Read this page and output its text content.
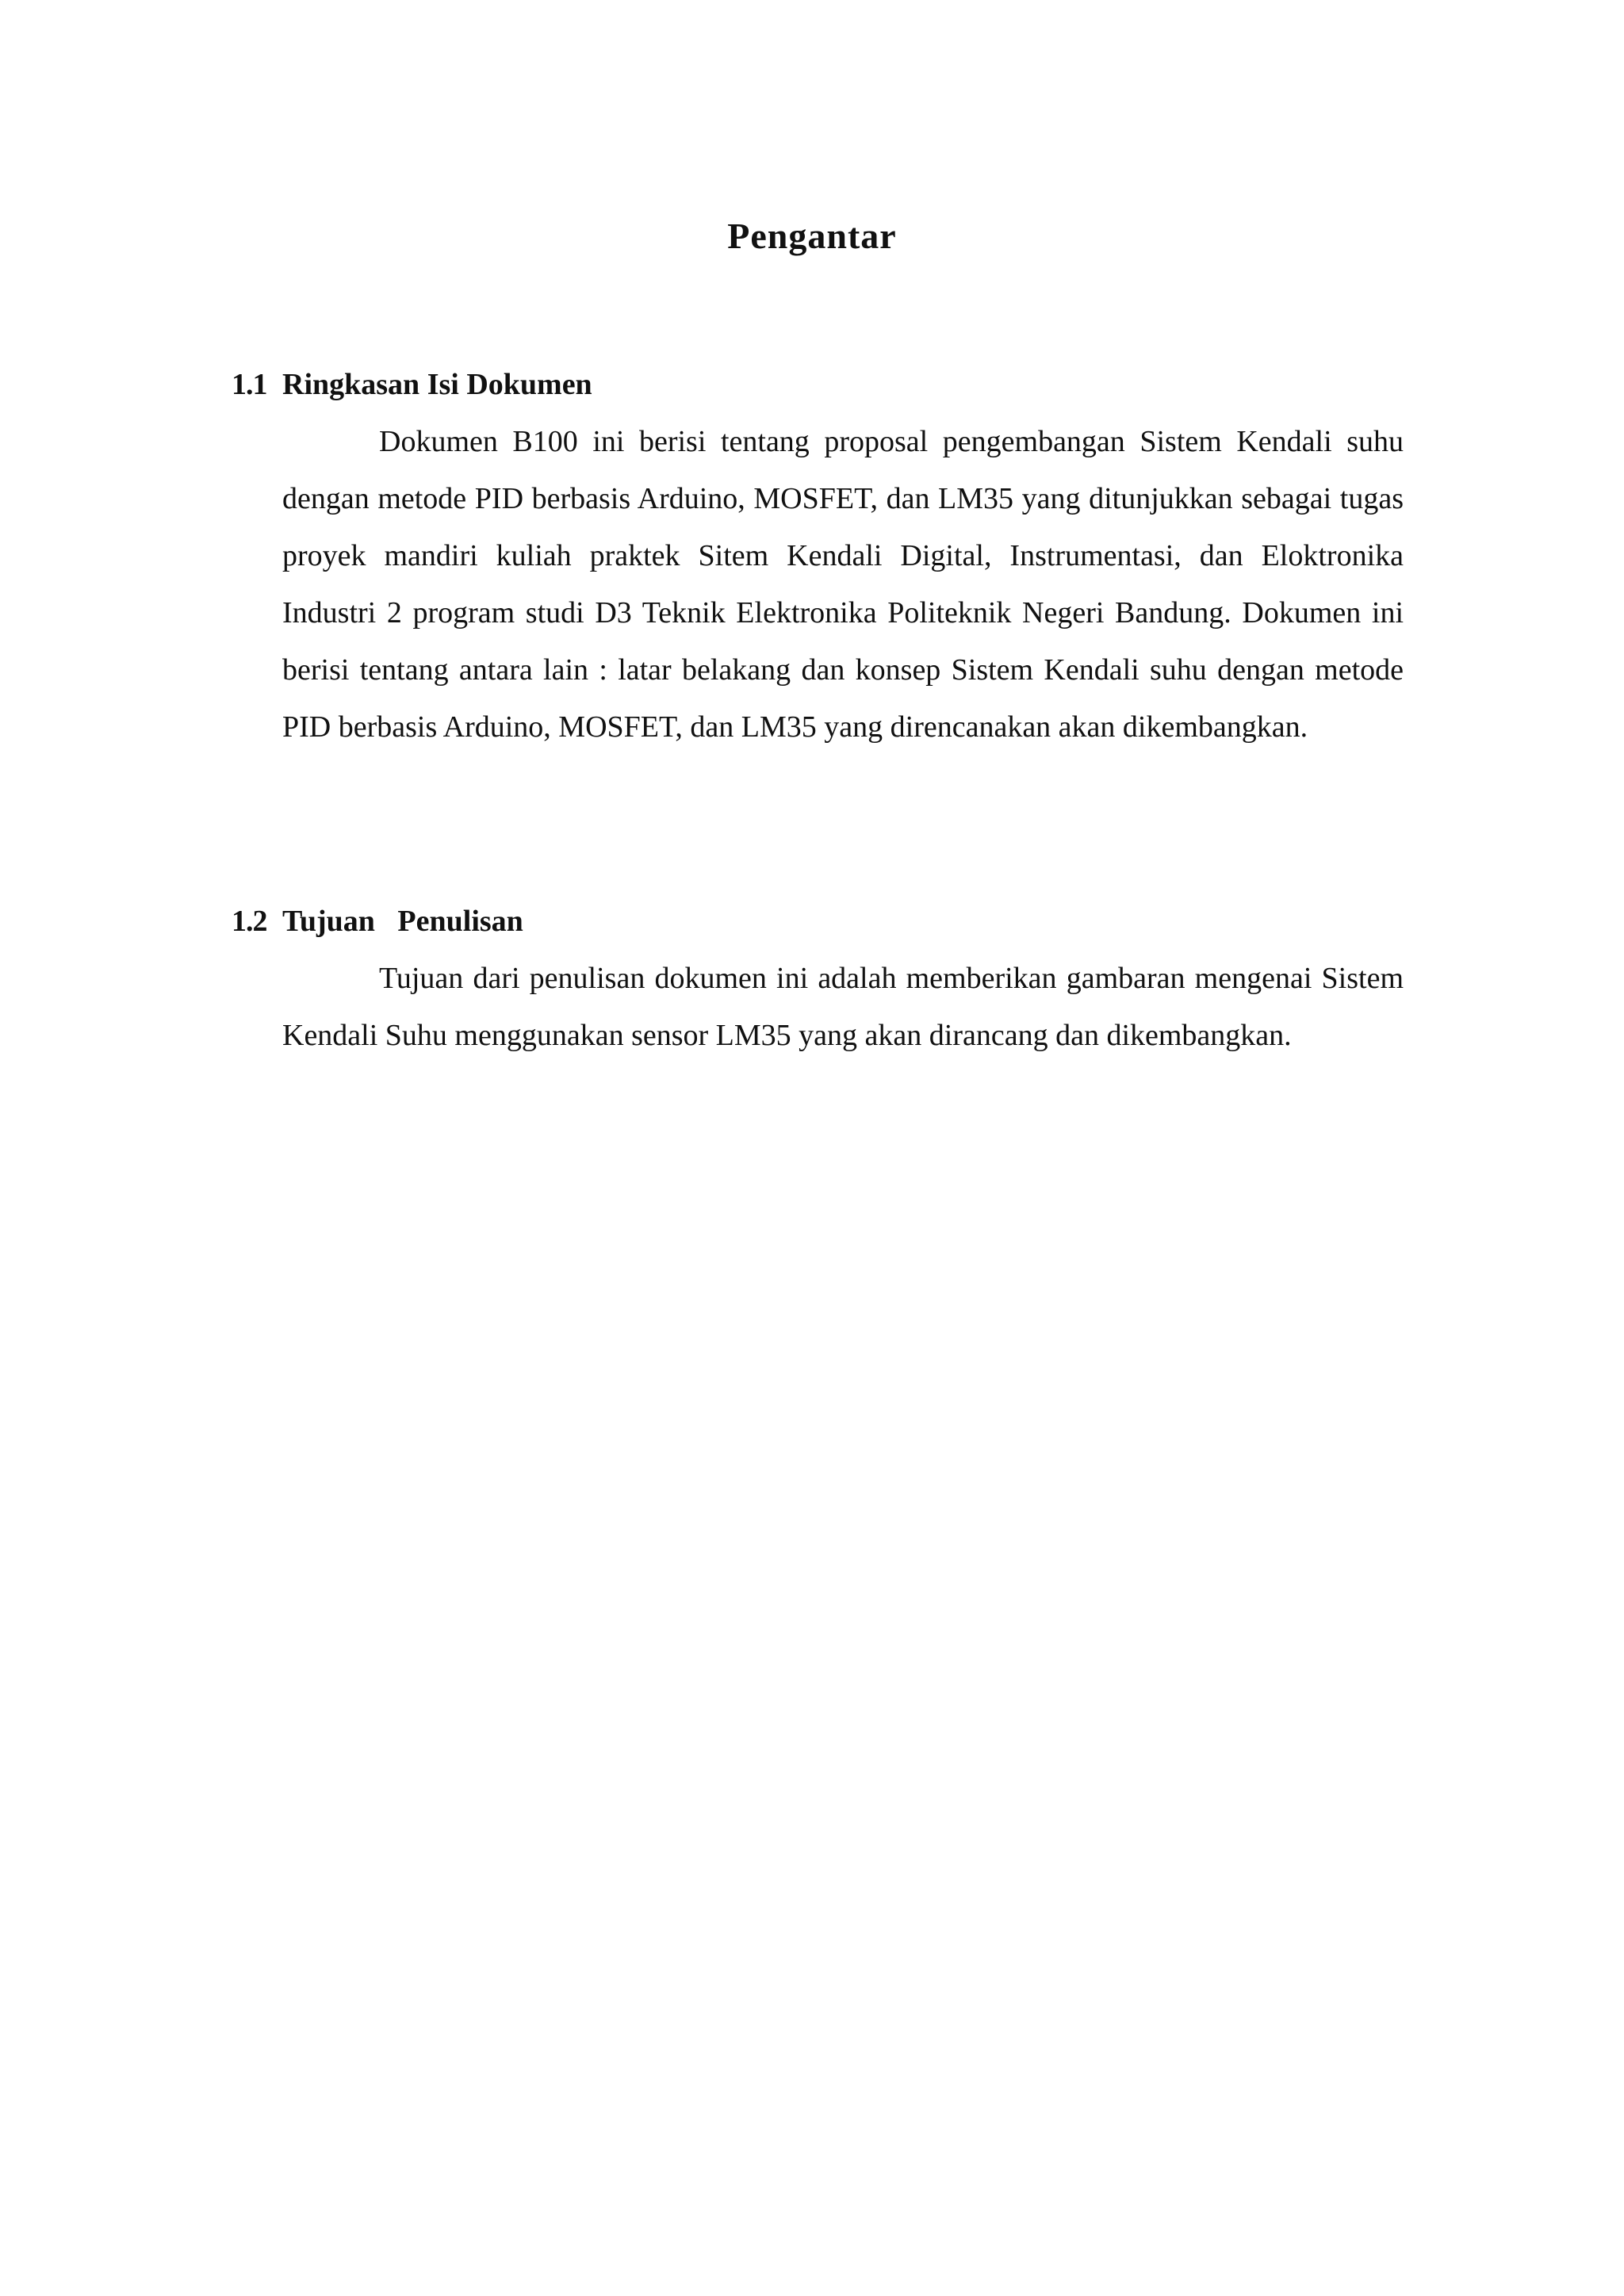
Pengantar
1.1 Ringkasan Isi Dokumen

Dokumen B100 ini berisi tentang proposal pengembangan Sistem Kendali suhu dengan metode PID berbasis Arduino, MOSFET, dan LM35 yang ditunjukkan sebagai tugas proyek mandiri kuliah praktek Sitem Kendali Digital, Instrumentasi, dan Eloktronika Industri 2 program studi D3 Teknik Elektronika Politeknik Negeri Bandung. Dokumen ini berisi tentang antara lain : latar belakang dan konsep Sistem Kendali suhu dengan metode PID berbasis Arduino, MOSFET, dan LM35 yang direncanakan akan dikembangkan.

1.2 Tujuan   Penulisan

Tujuan dari penulisan dokumen ini adalah memberikan gambaran mengenai Sistem Kendali Suhu menggunakan sensor LM35 yang akan dirancang dan dikembangkan.
